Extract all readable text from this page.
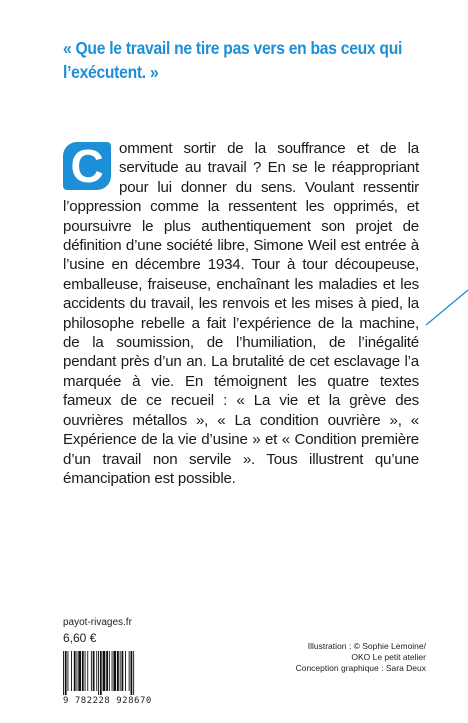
« Que le travail ne tire pas vers en bas ceux qui l’exécutent. »
C	omment sortir de la souffrance et de la servitude au travail ? En se le réappropriant pour lui donner du sens. Voulant ressentir l’oppression comme la ressentent les opprimés, et poursuivre le plus authentiquement son projet de définition d’une société libre, Simone Weil est entrée à l’usine en décembre 1934. Tour à tour découpeuse, emballeuse, fraiseuse, enchaînant les maladies et les accidents du travail, les renvois et les mises à pied, la philosophe rebelle a fait l’expérience de la machine, de la soumission, de l’humiliation, de l’inégalité pendant près d’un an. La brutalité de cet esclavage l’a marquée à vie. En témoignent les quatre textes fameux de ce recueil : « La vie et la grève des ouvrières métallos », « La condition ouvrière », « Expérience de la vie d’usine » et « Condition première d’un travail non servile ». Tous illustrent qu’une émancipation est possible.
payot-rivages.fr
6,60 €
Illustration : © Sophie Lemoine/
OKO Le petit atelier
Conception graphique : Sara Deux
9 782228 928670
